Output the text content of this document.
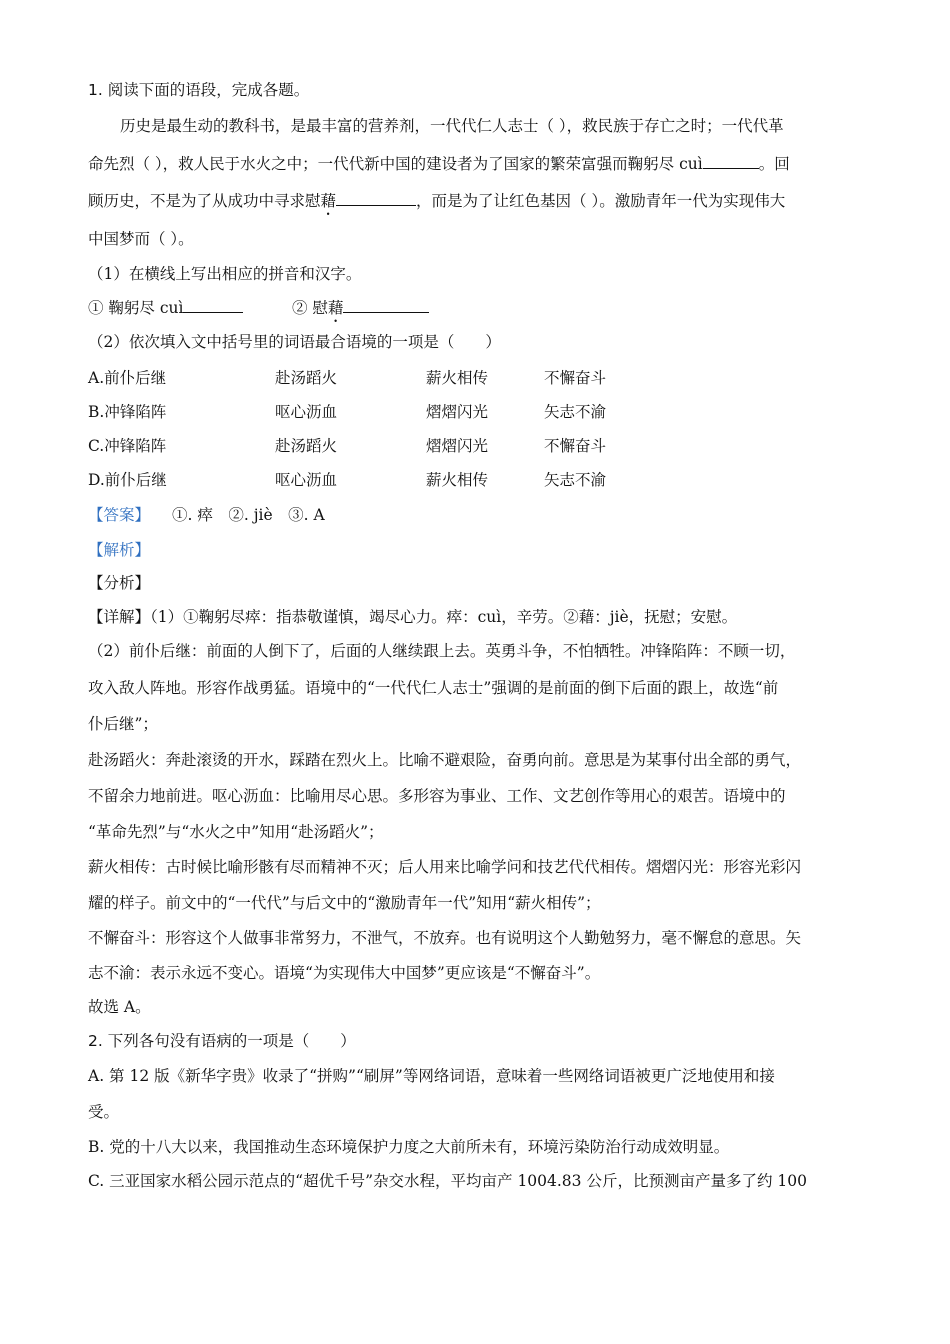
1. 阅读下面的语段，完成各题。
历史是最生动的教科书，是最丰富的营养剂，一代代仁人志士（ ），救民族于存亡之时；一代代革
命先烈（ ），救人民于水火之中；一代代新中国的建设者为了国家的繁荣富强而鞠躬尽 cuì	。回
顾历史，不是为了从成功中寻求慰藉	，而是为了让红色基因（ ）。激励青年一代为实现伟大
中国梦而（ ）。
（1）在横线上写出相应的拼音和汉字。
① 鞠躬尽 cuì	② 慰藉
（2）依次填入文中括号里的词语最合语境的一项是（　　）
A.前仆后继	赴汤蹈火	薪火相传	不懈奋斗
B.冲锋陷阵	呕心沥血	熠熠闪光	矢志不渝
C.冲锋陷阵	赴汤蹈火	熠熠闪光	不懈奋斗
D.前仆后继	呕心沥血	薪火相传	矢志不渝
【答案】 ①. 瘁　②. jiè　③. A
【解析】
【分析】
【详解】（1）①鞠躬尽瘁：指恭敬谨慎，竭尽心力。瘁：cuì，辛劳。②藉：jiè，抚慰；安慰。
（2）前仆后继：前面的人倒下了，后面的人继续跟上去。英勇斗争，不怕牺牲。冲锋陷阵：不顾一切，
攻入敌人阵地。形容作战勇猛。语境中的“一代代仁人志士”强调的是前面的倒下后面的跟上，故选“前
仆后继”；
赴汤蹈火：奔赴滚烫的开水，踩踏在烈火上。比喻不避艰险，奋勇向前。意思是为某事付出全部的勇气，
不留余力地前进。呕心沥血：比喻用尽心思。多形容为事业、工作、文艺创作等用心的艰苦。语境中的
“革命先烈”与“水火之中”知用“赴汤蹈火”；
薪火相传：古时候比喻形骸有尽而精神不灭；后人用来比喻学问和技艺代代相传。熠熠闪光：形容光彩闪
耀的样子。前文中的“一代代”与后文中的“激励青年一代”知用“薪火相传”；
不懈奋斗：形容这个人做事非常努力，不泄气，不放弃。也有说明这个人勤勉努力，毫不懈怠的意思。矢
志不渝：表示永远不变心。语境“为实现伟大中国梦”更应该是“不懈奋斗”。
故选 A。
2. 下列各句没有语病的一项是（　　）
A. 第 12 版《新华字贵》收录了“拼购”“刷屏”等网络词语，意味着一些网络词语被更广泛地使用和接
受。
B. 党的十八大以来，我国推动生态环境保护力度之大前所未有，环境污染防治行动成效明显。
C. 三亚国家水稻公园示范点的“超优千号”杂交水程，平均亩产 1004.83 公斤，比预测亩产量多了约 100
